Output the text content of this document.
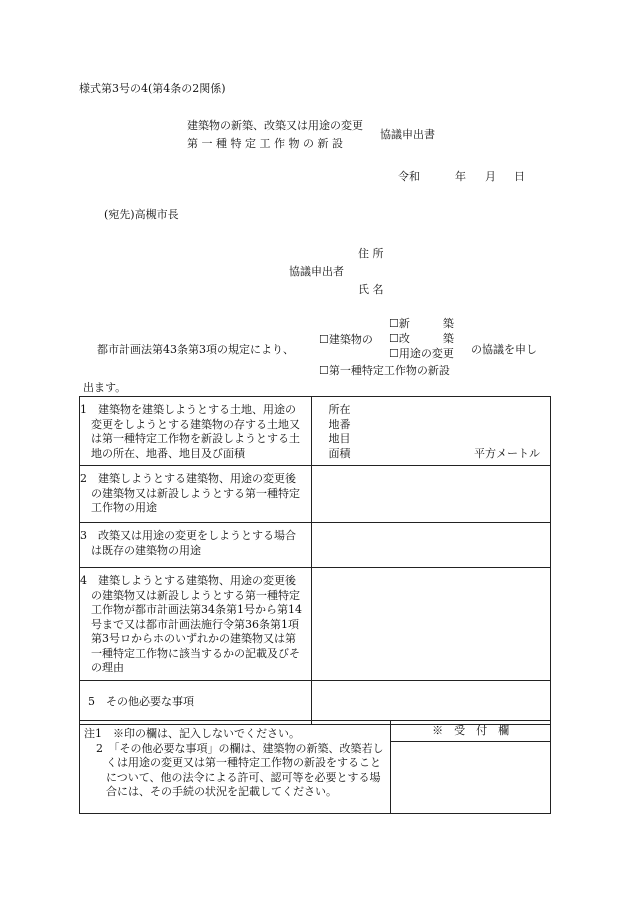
様式第3号の4(第4条の2関係)
建築物の新築、改築又は用途の変更
第 一 種 特 定 工 作 物 の 新 設
協議申出書
令和	年 月 日
(宛先)高槻市長
住 所
協議申出者
氏 名
都市計画法第43条第3項の規定により、
☐建築物の
☐新　　　築
☐改　　　築
☐用途の変更
☐第一種特定工作物の新設
の協議を申し
出ます。
1　建築物を建築しようとする土地、用途の変更をしようとする建築物の存する土地又は第一種特定工作物を新設しようとする土地の所在、地番、地目及び面積	所在
地番
地目
面積 平方メートル

2　建築しようとする建築物、用途の変更後の建築物又は新設しようとする第一種特定工作物の用途	

3　改築又は用途の変更をしようとする場合は既存の建築物の用途	

4　建築しようとする建築物、用途の変更後の建築物又は新設しようとする第一種特定工作物が都市計画法第34条第1号から第14号まで又は都市計画法施行令第36条第1項第3号ロからホのいずれかの建築物又は第一種特定工作物に該当するかの記載及びその理由	

5　その他必要な事項	

注1　※印の欄は、記入しないでください。
2　「その他必要な事項」の欄は、建築物の新築、改築若しくは用途の変更又は第一種特定工作物の新設をすることについて、他の法令による許可、認可等を必要とする場合には、その手続の状況を記載してください。

※　受　付　欄
